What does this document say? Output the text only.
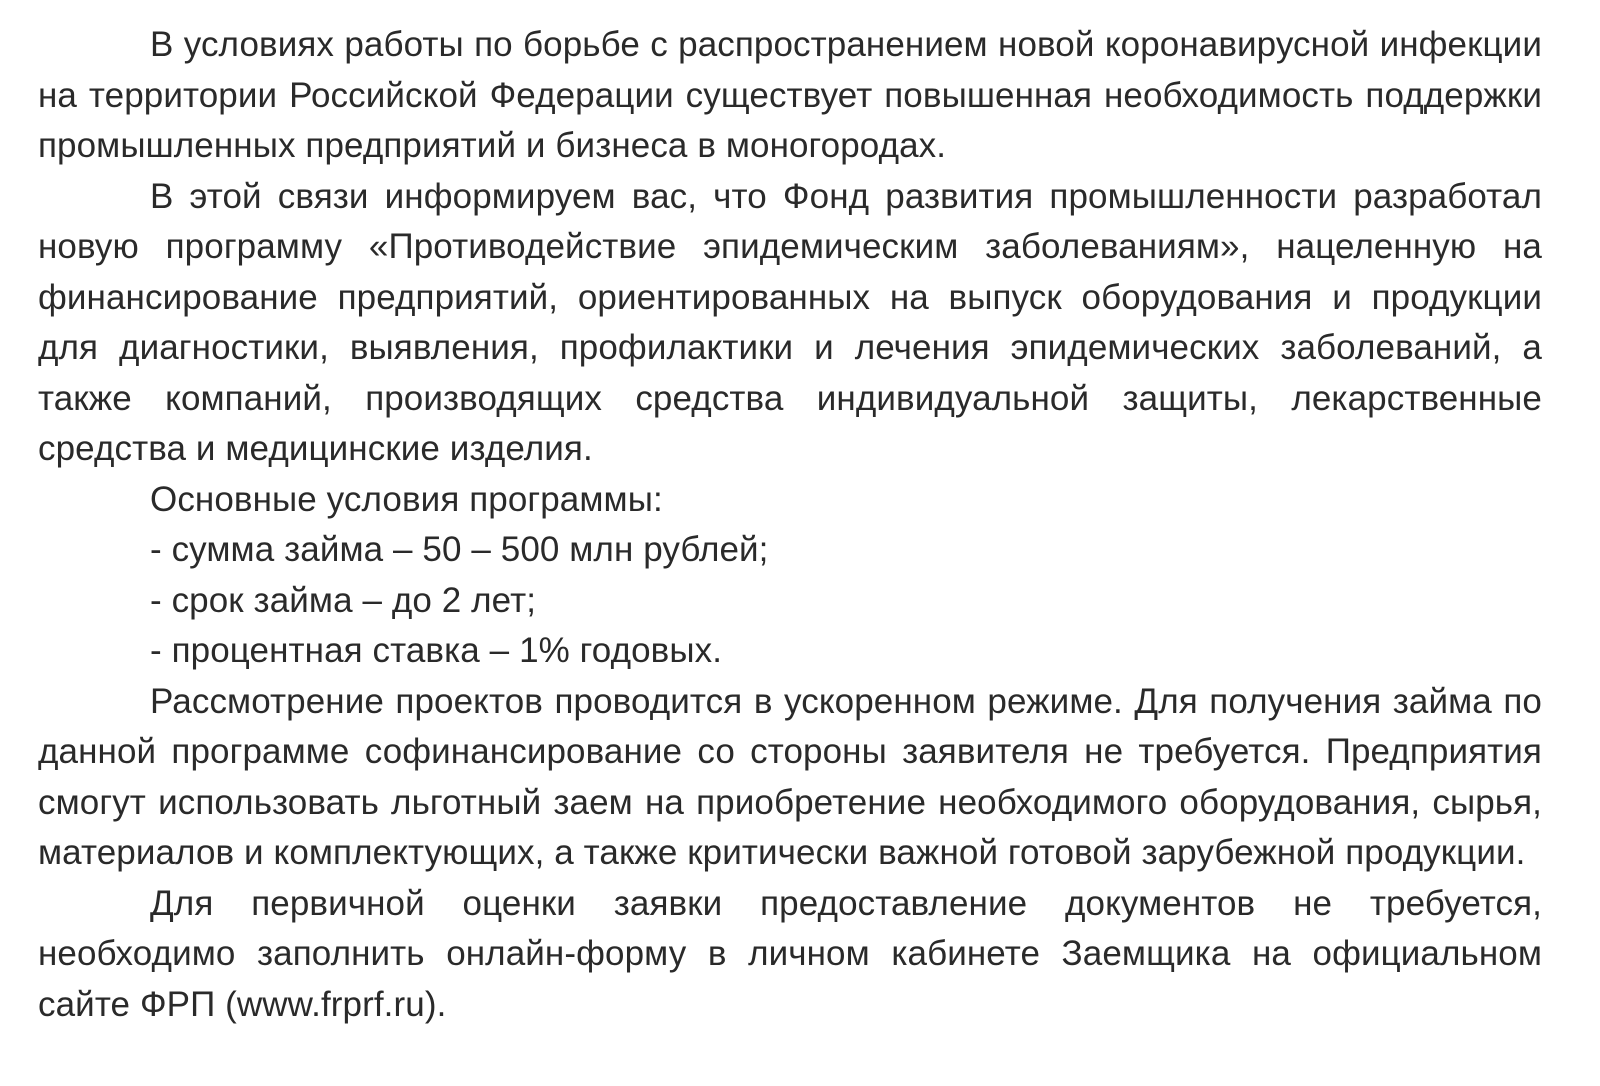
В условиях работы по борьбе с распространением новой коронавирусной инфекции на территории Российской Федерации существует повышенная необходимость поддержки промышленных предприятий и бизнеса в моногородах.

В этой связи информируем вас, что Фонд развития промышленности разработал новую программу «Противодействие эпидемическим заболеваниям», нацеленную на финансирование предприятий, ориентированных на выпуск оборудования и продукции для диагностики, выявления, профилактики и лечения эпидемических заболеваний, а также компаний, производящих средства индивидуальной защиты, лекарственные средства и медицинские изделия.

Основные условия программы:

- сумма займа – 50 – 500 млн рублей;

- срок займа – до 2 лет;

- процентная ставка – 1% годовых.

Рассмотрение проектов проводится в ускоренном режиме. Для получения займа по данной программе софинансирование со стороны заявителя не требуется. Предприятия смогут использовать льготный заем на приобретение необходимого оборудования, сырья, материалов и комплектующих, а также критически важной готовой зарубежной продукции.

Для первичной оценки заявки предоставление документов не требуется, необходимо заполнить онлайн-форму в личном кабинете Заемщика на официальном сайте ФРП (www.frprf.ru).
